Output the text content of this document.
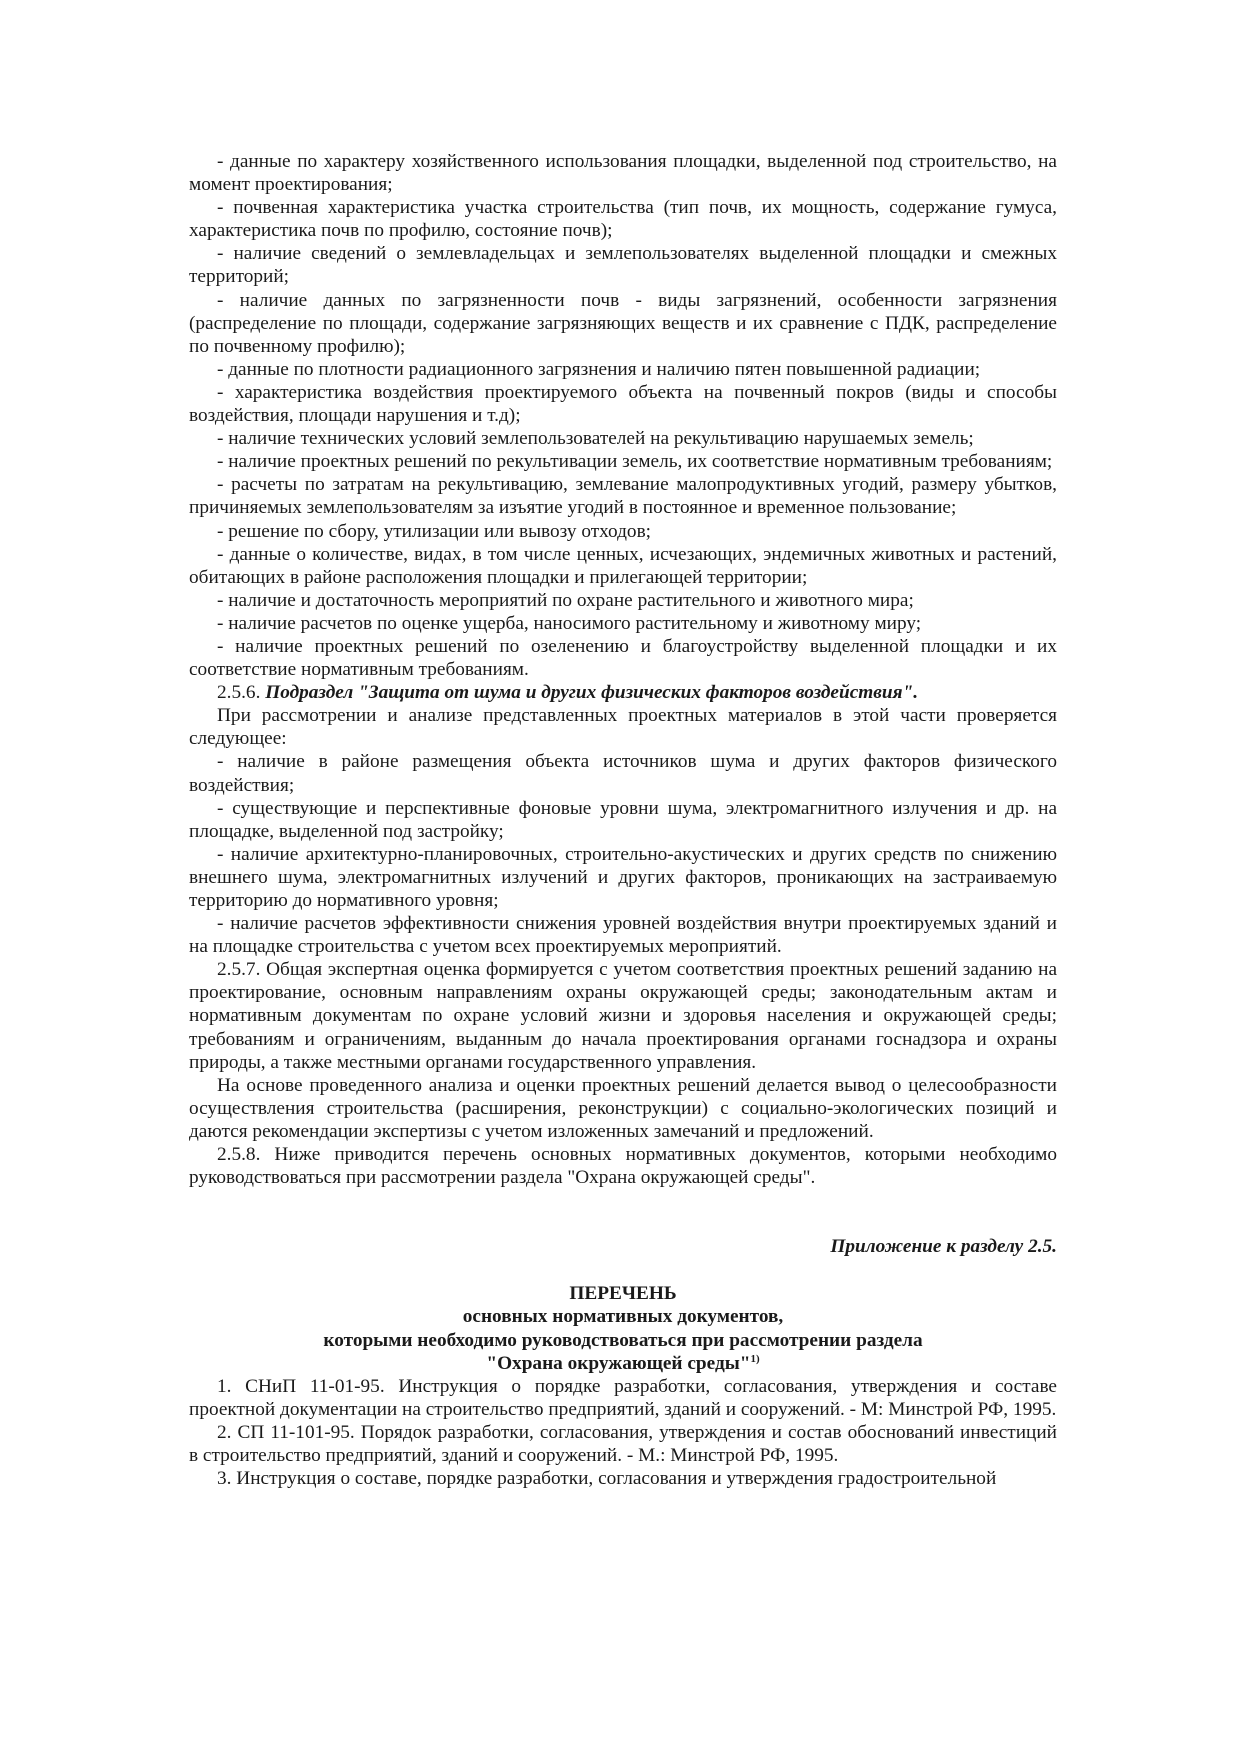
- данные по характеру хозяйственного использования площадки, выделенной под строительство, на момент проектирования;

- почвенная характеристика участка строительства (тип почв, их мощность, содержание гумуса, характеристика почв по профилю, состояние почв);

- наличие сведений о землевладельцах и землепользователях выделенной площадки и смежных территорий;

- наличие данных по загрязненности почв - виды загрязнений, особенности загрязнения (распределение по площади, содержание загрязняющих веществ и их сравнение с ПДК, распределение по почвенному профилю);

- данные по плотности радиационного загрязнения и наличию пятен повышенной радиации;

- характеристика воздействия проектируемого объекта на почвенный покров (виды и способы воздействия, площади нарушения и т.д);

- наличие технических условий землепользователей на рекультивацию нарушаемых земель;

- наличие проектных решений по рекультивации земель, их соответствие нормативным требованиям;

- расчеты по затратам на рекультивацию, землевание малопродуктивных угодий, размеру убытков, причиняемых землепользователям за изъятие угодий в постоянное и временное пользование;

- решение по сбору, утилизации или вывозу отходов;

- данные о количестве, видах, в том числе ценных, исчезающих, эндемичных животных и растений, обитающих в районе расположения площадки и прилегающей территории;

- наличие и достаточность мероприятий по охране растительного и животного мира;

- наличие расчетов по оценке ущерба, наносимого растительному и животному миру;

- наличие проектных решений по озеленению и благоустройству выделенной площадки и их соответствие нормативным требованиям.

2.5.6. Подраздел "Защита от шума и других физических факторов воздействия".

При рассмотрении и анализе представленных проектных материалов в этой части проверяется следующее:

- наличие в районе размещения объекта источников шума и других факторов физического воздействия;

- существующие и перспективные фоновые уровни шума, электромагнитного излучения и др. на площадке, выделенной под застройку;

- наличие архитектурно-планировочных, строительно-акустических и других средств по снижению внешнего шума, электромагнитных излучений и других факторов, проникающих на застраиваемую территорию до нормативного уровня;

- наличие расчетов эффективности снижения уровней воздействия внутри проектируемых зданий и на площадке строительства с учетом всех проектируемых мероприятий.

2.5.7. Общая экспертная оценка формируется с учетом соответствия проектных решений заданию на проектирование, основным направлениям охраны окружающей среды; законодательным актам и нормативным документам по охране условий жизни и здоровья населения и окружающей среды; требованиям и ограничениям, выданным до начала проектирования органами госнадзора и охраны природы, а также местными органами государственного управления.

На основе проведенного анализа и оценки проектных решений делается вывод о целесообразности осуществления строительства (расширения, реконструкции) с социально-экологических позиций и даются рекомендации экспертизы с учетом изложенных замечаний и предложений.

2.5.8. Ниже приводится перечень основных нормативных документов, которыми необходимо руководствоваться при рассмотрении раздела "Охрана окружающей среды".

Приложение к разделу 2.5.

ПЕРЕЧЕНЬ
основных нормативных документов,
которыми необходимо руководствоваться при рассмотрении раздела
"Охрана окружающей среды"$^{1)}$

1. СНиП 11-01-95. Инструкция о порядке разработки, согласования, утверждения и составе проектной документации на строительство предприятий, зданий и сооружений. - М: Минстрой РФ, 1995.

2. СП 11-101-95. Порядок разработки, согласования, утверждения и состав обоснований инвестиций в строительство предприятий, зданий и сооружений. - М.: Минстрой РФ, 1995.

3. Инструкция о составе, порядке разработки, согласования и утверждения градостроительной
